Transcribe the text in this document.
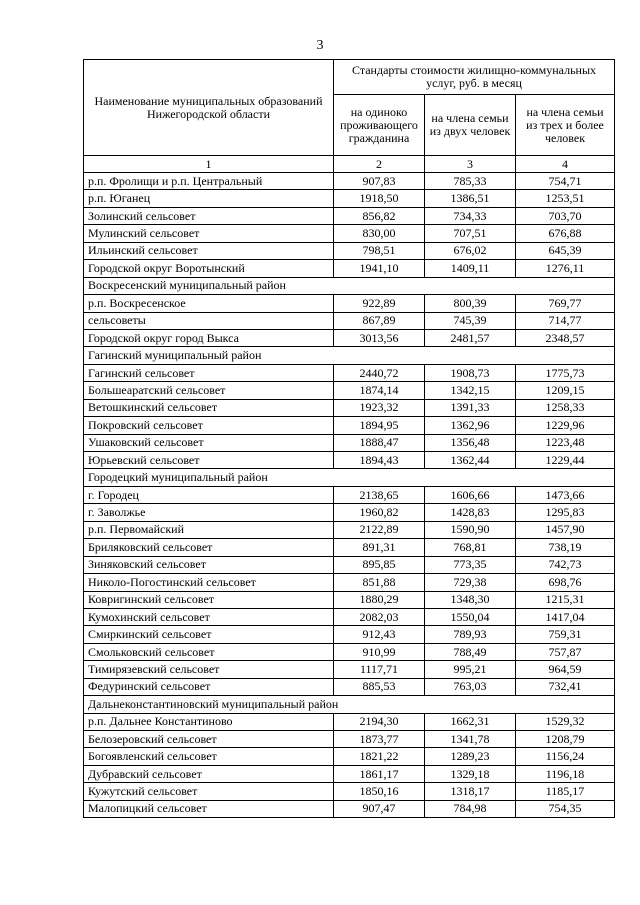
3
Наименование муниципальных образований Нижегородской области	Стандарты стоимости жилищно-коммунальных услуг, руб. в месяц		
	на одиноко проживающего гражданина	на члена семьи из двух человек	на члена семьи из трех и более человек
1	2	3	4
р.п. Фролищи и р.п. Центральный	907,83	785,33	754,71
р.п. Юганец	1918,50	1386,51	1253,51
Золинский сельсовет	856,82	734,33	703,70
Мулинский сельсовет	830,00	707,51	676,88
Ильинский сельсовет	798,51	676,02	645,39
Городской округ Воротынский	1941,10	1409,11	1276,11
Воскресенский муниципальный район			
р.п. Воскресенское	922,89	800,39	769,77
сельсоветы	867,89	745,39	714,77
Городской округ город Выкса	3013,56	2481,57	2348,57
Гагинский муниципальный район			
Гагинский сельсовет	2440,72	1908,73	1775,73
Большеаратский сельсовет	1874,14	1342,15	1209,15
Ветошкинский сельсовет	1923,32	1391,33	1258,33
Покровский сельсовет	1894,95	1362,96	1229,96
Ушаковский сельсовет	1888,47	1356,48	1223,48
Юрьевский сельсовет	1894,43	1362,44	1229,44
Городецкий муниципальный район			
г. Городец	2138,65	1606,66	1473,66
г. Заволжье	1960,82	1428,83	1295,83
р.п. Первомайский	2122,89	1590,90	1457,90
Бриляковский сельсовет	891,31	768,81	738,19
Зиняковский сельсовет	895,85	773,35	742,73
Николо-Погостинский сельсовет	851,88	729,38	698,76
Ковригинский сельсовет	1880,29	1348,30	1215,31
Кумохинский сельсовет	2082,03	1550,04	1417,04
Смиркинский сельсовет	912,43	789,93	759,31
Смольковский сельсовет	910,99	788,49	757,87
Тимирязевский сельсовет	1117,71	995,21	964,59
Федуринский сельсовет	885,53	763,03	732,41
Дальнеконстантиновский муниципальный район			
р.п. Дальнее Константиново	2194,30	1662,31	1529,32
Белозеровский сельсовет	1873,77	1341,78	1208,79
Богоявленский сельсовет	1821,22	1289,23	1156,24
Дубравский сельсовет	1861,17	1329,18	1196,18
Кужутский сельсовет	1850,16	1318,17	1185,17
Малопицкий сельсовет	907,47	784,98	754,35
